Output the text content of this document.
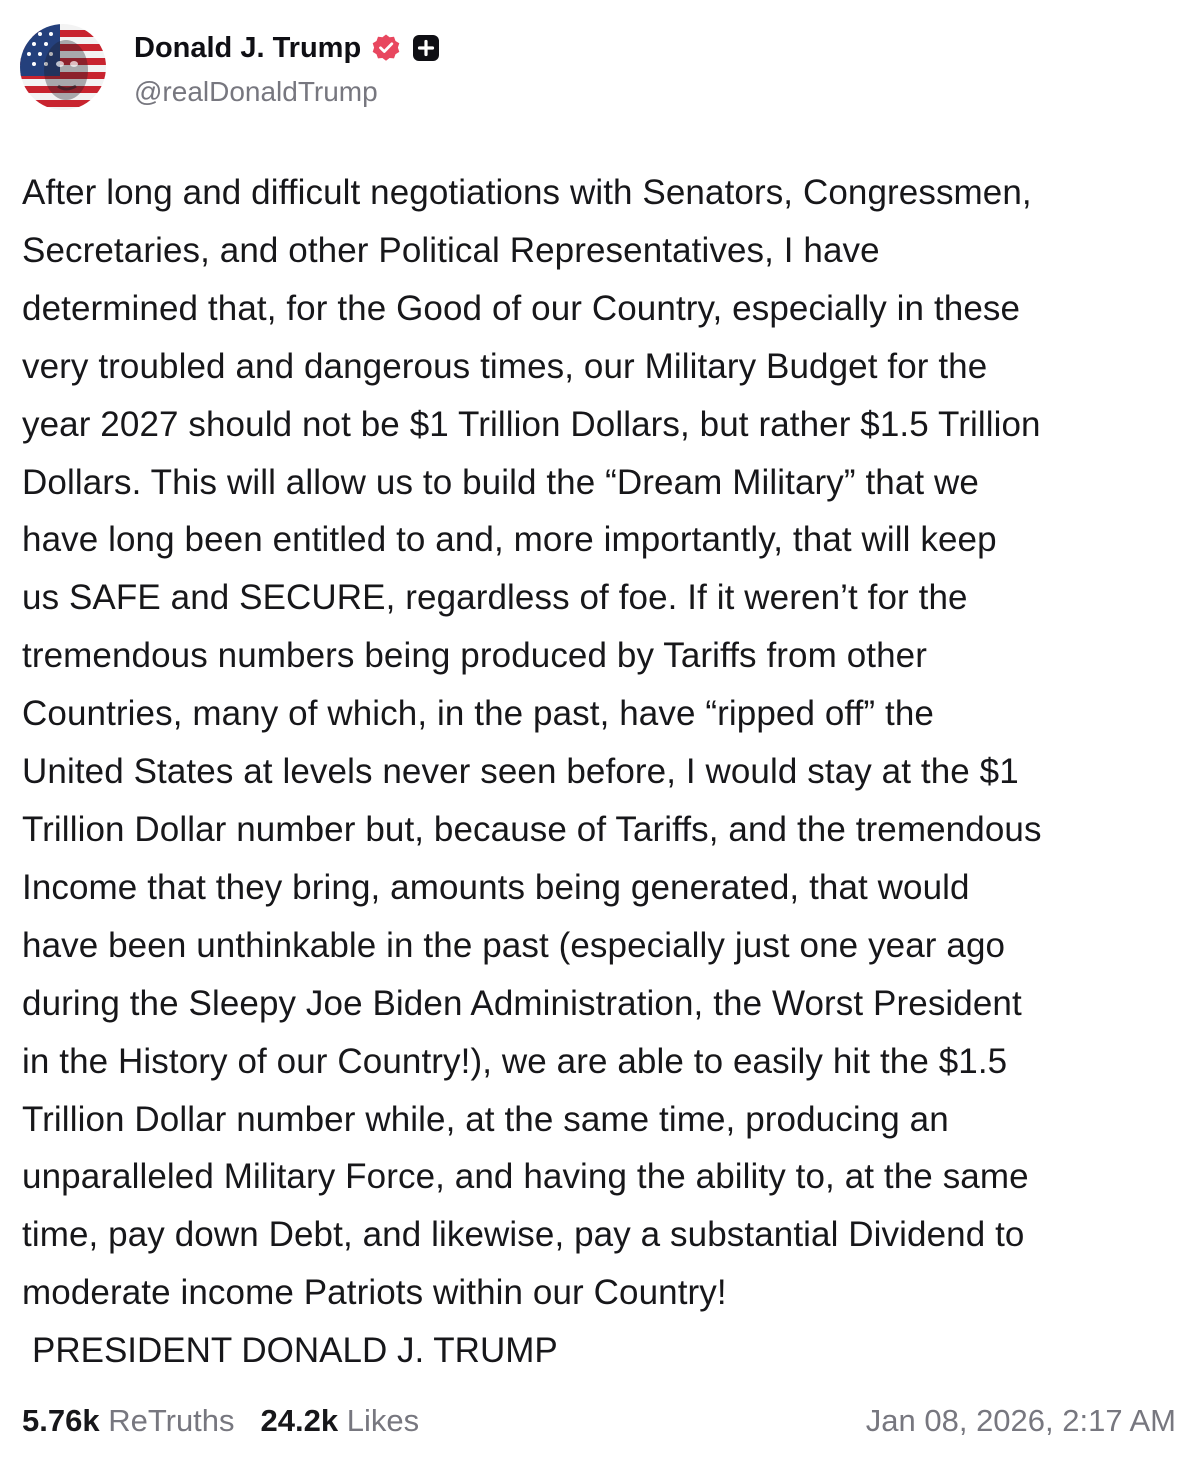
Donald J. Trump
@realDonaldTrump
After long and difficult negotiations with Senators, Congressmen,
Secretaries, and other Political Representatives, I have
determined that, for the Good of our Country, especially in these
very troubled and dangerous times, our Military Budget for the
year 2027 should not be $1 Trillion Dollars, but rather $1.5 Trillion
Dollars. This will allow us to build the “Dream Military” that we
have long been entitled to and, more importantly, that will keep
us SAFE and SECURE, regardless of foe. If it weren’t for the
tremendous numbers being produced by Tariffs from other
Countries, many of which, in the past, have “ripped off” the
United States at levels never seen before, I would stay at the $1
Trillion Dollar number but, because of Tariffs, and the tremendous
Income that they bring, amounts being generated, that would
have been unthinkable in the past (especially just one year ago
during the Sleepy Joe Biden Administration, the Worst President
in the History of our Country!), we are able to easily hit the $1.5
Trillion Dollar number while, at the same time, producing an
unparalleled Military Force, and having the ability to, at the same
time, pay down Debt, and likewise, pay a substantial Dividend to
moderate income Patriots within our Country!
PRESIDENT DONALD J. TRUMP
5.76k ReTruths 24.2k Likes	Jan 08, 2026, 2:17 AM
